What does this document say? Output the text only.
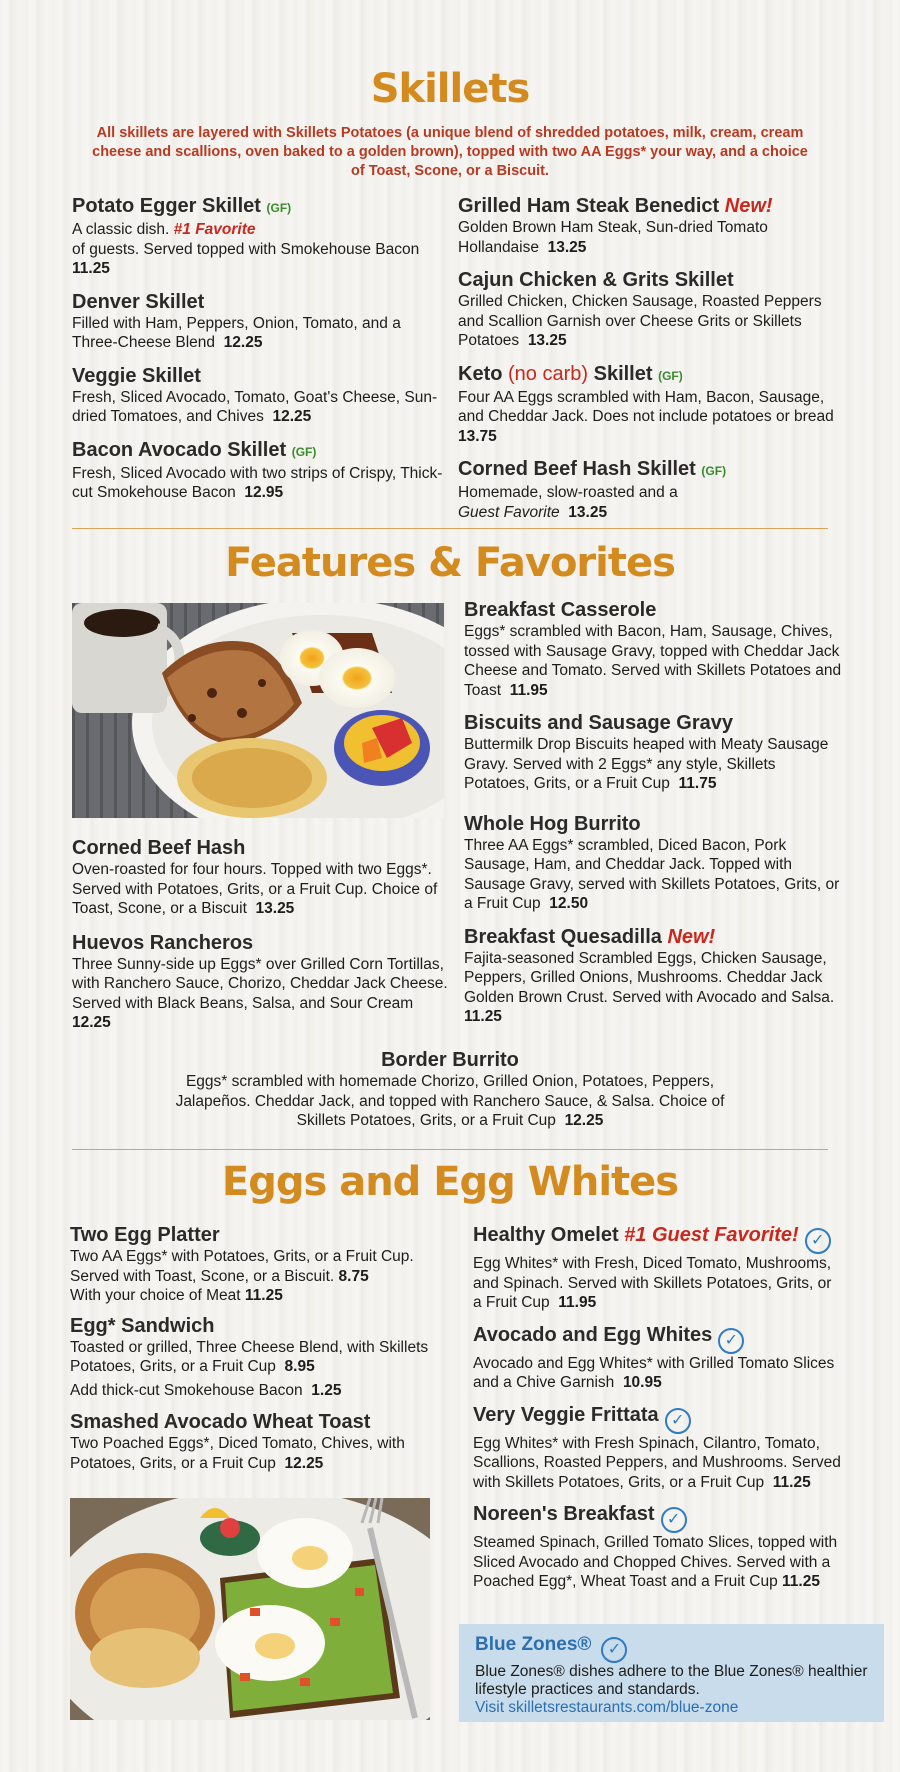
Skillets
All skillets are layered with Skillets Potatoes (a unique blend of shredded potatoes, milk, cream, cream cheese and scallions, oven baked to a golden brown), topped with two AA Eggs* your way, and a choice of Toast, Scone, or a Biscuit.
Potato Egger Skillet (GF)
A classic dish. #1 Favorite
of guests. Served topped with Smokehouse Bacon  11.25
Denver Skillet
Filled with Ham, Peppers, Onion, Tomato, and a Three-Cheese Blend 12.25
Veggie Skillet
Fresh, Sliced Avocado, Tomato, Goat's Cheese, Sun-dried Tomatoes, and Chives 12.25
Bacon Avocado Skillet (GF)
Fresh, Sliced Avocado with two strips of Crispy, Thick-cut Smokehouse Bacon 12.95
Grilled Ham Steak Benedict New!
Golden Brown Ham Steak, Sun-dried Tomato Hollandaise 13.25
Cajun Chicken & Grits Skillet
Grilled Chicken, Chicken Sausage, Roasted Peppers and Scallion Garnish over Cheese Grits or Skillets Potatoes 13.25
Keto (no carb) Skillet (GF)
Four AA Eggs scrambled with Ham, Bacon, Sausage, and Cheddar Jack. Does not include potatoes or bread  13.75
Corned Beef Hash Skillet (GF)
Homemade, slow-roasted and a
Guest Favorite 13.25
Features & Favorites
Corned Beef Hash
Oven-roasted for four hours. Topped with two Eggs*. Served with Potatoes, Grits, or a Fruit Cup. Choice of Toast, Scone, or a Biscuit 13.25
Huevos Rancheros
Three Sunny-side up Eggs* over Grilled Corn Tortillas, with Ranchero Sauce, Chorizo, Cheddar Jack Cheese. Served with Black Beans, Salsa, and Sour Cream  12.25
Breakfast Casserole
Eggs* scrambled with Bacon, Ham, Sausage, Chives, tossed with Sausage Gravy, topped with Cheddar Jack Cheese and Tomato. Served with Skillets Potatoes and Toast 11.95
Biscuits and Sausage Gravy
Buttermilk Drop Biscuits heaped with Meaty Sausage Gravy. Served with 2 Eggs* any style, Skillets Potatoes, Grits, or a Fruit Cup 11.75
Whole Hog Burrito
Three AA Eggs* scrambled, Diced Bacon, Pork Sausage, Ham, and Cheddar Jack. Topped with Sausage Gravy, served with Skillets Potatoes, Grits, or a Fruit Cup 12.50
Breakfast Quesadilla New!
Fajita-seasoned Scrambled Eggs, Chicken Sausage, Peppers, Grilled Onions, Mushrooms. Cheddar Jack Golden Brown Crust. Served with Avocado and Salsa.  11.25
Border Burrito
Eggs* scrambled with homemade Chorizo, Grilled Onion, Potatoes, Peppers, Jalapeños. Cheddar Jack, and topped with Ranchero Sauce, & Salsa. Choice of Skillets Potatoes, Grits, or a Fruit Cup 12.25
Eggs and Egg Whites
Two Egg Platter
Two AA Eggs* with Potatoes, Grits, or a Fruit Cup. Served with Toast, Scone, or a Biscuit. 8.75
With your choice of Meat 11.25
Egg* Sandwich
Toasted or grilled, Three Cheese Blend, with Skillets Potatoes, Grits, or a Fruit Cup 8.95
Add thick-cut Smokehouse Bacon 1.25
Smashed Avocado Wheat Toast
Two Poached Eggs*, Diced Tomato, Chives, with Potatoes, Grits, or a Fruit Cup 12.25
Healthy Omelet #1 Guest Favorite! ✓
Egg Whites* with Fresh, Diced Tomato, Mushrooms, and Spinach. Served with Skillets Potatoes, Grits, or a Fruit Cup 11.95
Avocado and Egg Whites ✓
Avocado and Egg Whites* with Grilled Tomato Slices and a Chive Garnish 10.95
Very Veggie Frittata ✓
Egg Whites* with Fresh Spinach, Cilantro, Tomato, Scallions, Roasted Peppers, and Mushrooms. Served with Skillets Potatoes, Grits, or a Fruit Cup 11.25
Noreen's Breakfast ✓
Steamed Spinach, Grilled Tomato Slices, topped with Sliced Avocado and Chopped Chives. Served with a Poached Egg*, Wheat Toast and a Fruit Cup 11.25
Blue Zones® ✓
Blue Zones® dishes adhere to the Blue Zones® healthier lifestyle practices and standards.
Visit skilletsrestaurants.com/blue-zone
